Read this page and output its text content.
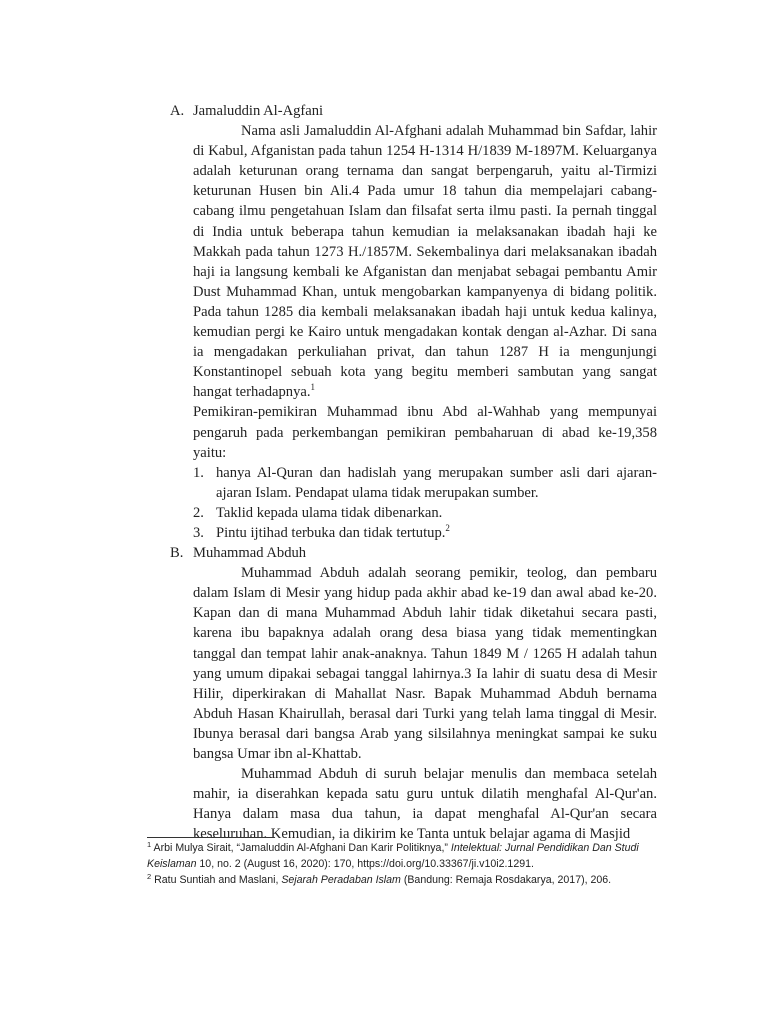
A. Jamaluddin Al-Agfani
Nama asli Jamaluddin Al-Afghani adalah Muhammad bin Safdar, lahir di Kabul, Afganistan pada tahun 1254 H-1314 H/1839 M-1897M. Keluarganya adalah keturunan orang ternama dan sangat berpengaruh, yaitu al-Tirmizi keturunan Husen bin Ali.4 Pada umur 18 tahun dia mempelajari cabang-cabang ilmu pengetahuan Islam dan filsafat serta ilmu pasti. Ia pernah tinggal di India untuk beberapa tahun kemudian ia melaksanakan ibadah haji ke Makkah pada tahun 1273 H./1857M. Sekembalinya dari melaksanakan ibadah haji ia langsung kembali ke Afganistan dan menjabat sebagai pembantu Amir Dust Muhammad Khan, untuk mengobarkan kampanyenya di bidang politik. Pada tahun 1285 dia kembali melaksanakan ibadah haji untuk kedua kalinya, kemudian pergi ke Kairo untuk mengadakan kontak dengan al-Azhar. Di sana ia mengadakan perkuliahan privat, dan tahun 1287 H ia mengunjungi Konstantinopel sebuah kota yang begitu memberi sambutan yang sangat hangat terhadapnya.$^1$
Pemikiran-pemikiran Muhammad ibnu Abd al-Wahhab yang mempunyai pengaruh pada perkembangan pemikiran pembaharuan di abad ke-19,358 yaitu:
1. hanya Al-Quran dan hadislah yang merupakan sumber asli dari ajaran-ajaran Islam. Pendapat ulama tidak merupakan sumber.
2. Taklid kepada ulama tidak dibenarkan.
3. Pintu ijtihad terbuka dan tidak tertutup.$^2$
B. Muhammad Abduh
Muhammad Abduh adalah seorang pemikir, teolog, dan pembaru dalam Islam di Mesir yang hidup pada akhir abad ke-19 dan awal abad ke-20. Kapan dan di mana Muhammad Abduh lahir tidak diketahui secara pasti, karena ibu bapaknya adalah orang desa biasa yang tidak mementingkan tanggal dan tempat lahir anak-anaknya. Tahun 1849 M / 1265 H adalah tahun yang umum dipakai sebagai tanggal lahirnya.3 Ia lahir di suatu desa di Mesir Hilir, diperkirakan di Mahallat Nasr. Bapak Muhammad Abduh bernama Abduh Hasan Khairullah, berasal dari Turki yang telah lama tinggal di Mesir. Ibunya berasal dari bangsa Arab yang silsilahnya meningkat sampai ke suku bangsa Umar ibn al-Khattab.
Muhammad Abduh di suruh belajar menulis dan membaca setelah mahir, ia diserahkan kepada satu guru untuk dilatih menghafal Al-Qur'an. Hanya dalam masa dua tahun, ia dapat menghafal Al-Qur'an secara keseluruhan. Kemudian, ia dikirim ke Tanta untuk belajar agama di Masjid
$^1$ Arbi Mulya Sirait, “Jamaluddin Al-Afghani Dan Karir Politiknya,” Intelektual: Jurnal Pendidikan Dan Studi Keislaman 10, no. 2 (August 16, 2020): 170, https://doi.org/10.33367/ji.v10i2.1291.
$^2$ Ratu Suntiah and Maslani, Sejarah Peradaban Islam (Bandung: Remaja Rosdakarya, 2017), 206.
